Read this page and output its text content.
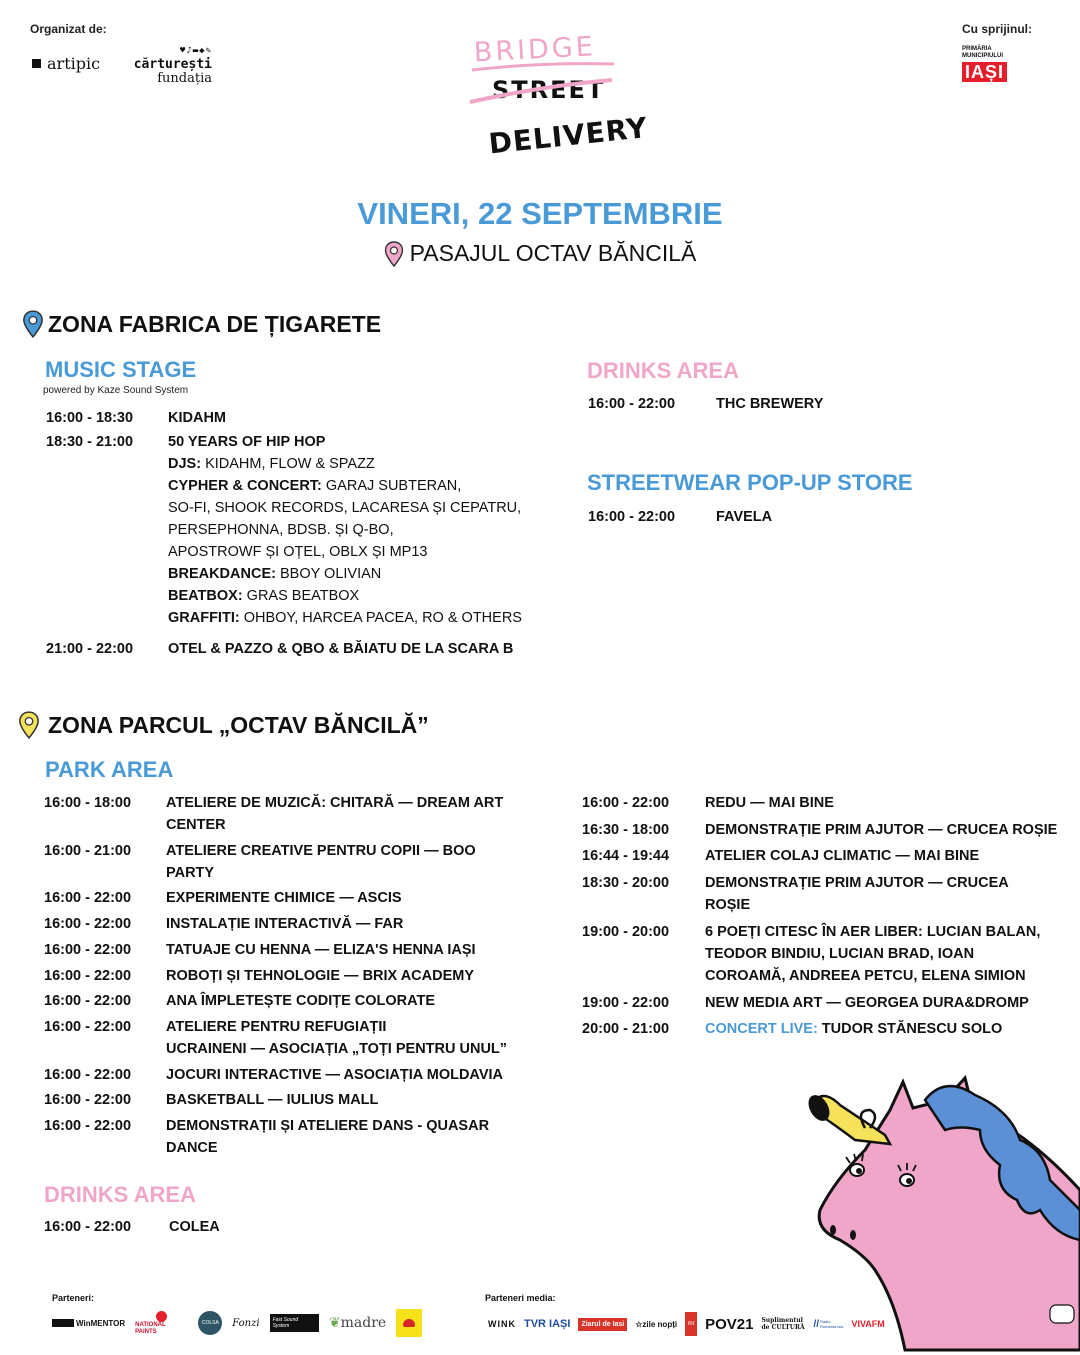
Organizat de:
artipic
♥♪▬◆✎
cărturești
fundația
BRIDGE
STREET
DELIVERY
Cu sprijinul:
PRIMĂRIA
MUNICIPIULUI
IAȘI
VINERI, 22 SEPTEMBRIE
PASAJUL OCTAV BĂNCILĂ
ZONA FABRICA DE ȚIGARETE
MUSIC STAGE
powered by Kaze Sound System
16:00 - 18:30 KIDAHM
18:30 - 21:00 50 YEARS OF HIP HOP
DJS: KIDAHM, FLOW & SPAZZ
CYPHER & CONCERT: GARAJ SUBTERAN,
SO-FI, SHOOK RECORDS, LACARESA ȘI CEPATRU,
PERSEPHONNA, BDSB. ȘI Q-BO,
APOSTROWF ȘI OȚEL, OBLX ȘI MP13
BREAKDANCE: BBOY OLIVIAN
BEATBOX: GRAS BEATBOX
GRAFFITI: OHBOY, HARCEA PACEA, RO & OTHERS
21:00 - 22:00 OTEL & PAZZO & QBO & BĂIATU DE LA SCARA B
DRINKS AREA
16:00 - 22:00	THC BREWERY
STREETWEAR POP-UP STORE
16:00 - 22:00	FAVELA
ZONA PARCUL „OCTAV BĂNCILĂ”
PARK AREA
16:00 - 18:00 ATELIERE DE MUZICĂ: CHITARĂ — DREAM ART
CENTER
16:00 - 21:00 ATELIERE CREATIVE PENTRU COPII — BOO
PARTY
16:00 - 22:00 EXPERIMENTE CHIMICE — ASCIS
16:00 - 22:00 INSTALAȚIE INTERACTIVĂ — FAR
16:00 - 22:00 TATUAJE CU HENNA — ELIZA'S HENNA IAȘI
16:00 - 22:00 ROBOȚI ȘI TEHNOLOGIE — BRIX ACADEMY
16:00 - 22:00 ANA ÎMPLETEȘTE CODIȚE COLORATE
16:00 - 22:00 ATELIERE PENTRU REFUGIAȚII
UCRAINENI — ASOCIAȚIA „TOȚI PENTRU UNUL”
16:00 - 22:00 JOCURI INTERACTIVE — ASOCIAȚIA MOLDAVIA
16:00 - 22:00 BASKETBALL — IULIUS MALL
16:00 - 22:00 DEMONSTRAȚII ȘI ATELIERE DANS - QUASAR
DANCE
16:00 - 22:00 REDU — MAI BINE
16:30 - 18:00 DEMONSTRAȚIE PRIM AJUTOR — CRUCEA ROȘIE
16:44 - 19:44 ATELIER COLAJ CLIMATIC — MAI BINE
18:30 - 20:00 DEMONSTRAȚIE PRIM AJUTOR — CRUCEA
ROȘIE
19:00 - 20:00 6 POEȚI CITESC ÎN AER LIBER: LUCIAN BALAN,
TEODOR BINDIU, LUCIAN BRAD, IOAN
COROAMĂ, ANDREEA PETCU, ELENA SIMION
19:00 - 22:00 NEW MEDIA ART — GEORGEA DURA&DROMP
20:00 - 21:00 CONCERT LIVE: TUDOR STĂNESCU SOLO
DRINKS AREA
16:00 - 22:00	COLEA
Parteneri:
WinMENTOR NATIONAL PAINTS
COLSA	Fonzi	Fast Sound System	❦madre
Parteneri media:
WINK TVR IAȘI	Ziarul de Iasi	☆zile nopți	mr POV21 Suplimentul de CULTURĂ // Radio România Iași VIVAFM
